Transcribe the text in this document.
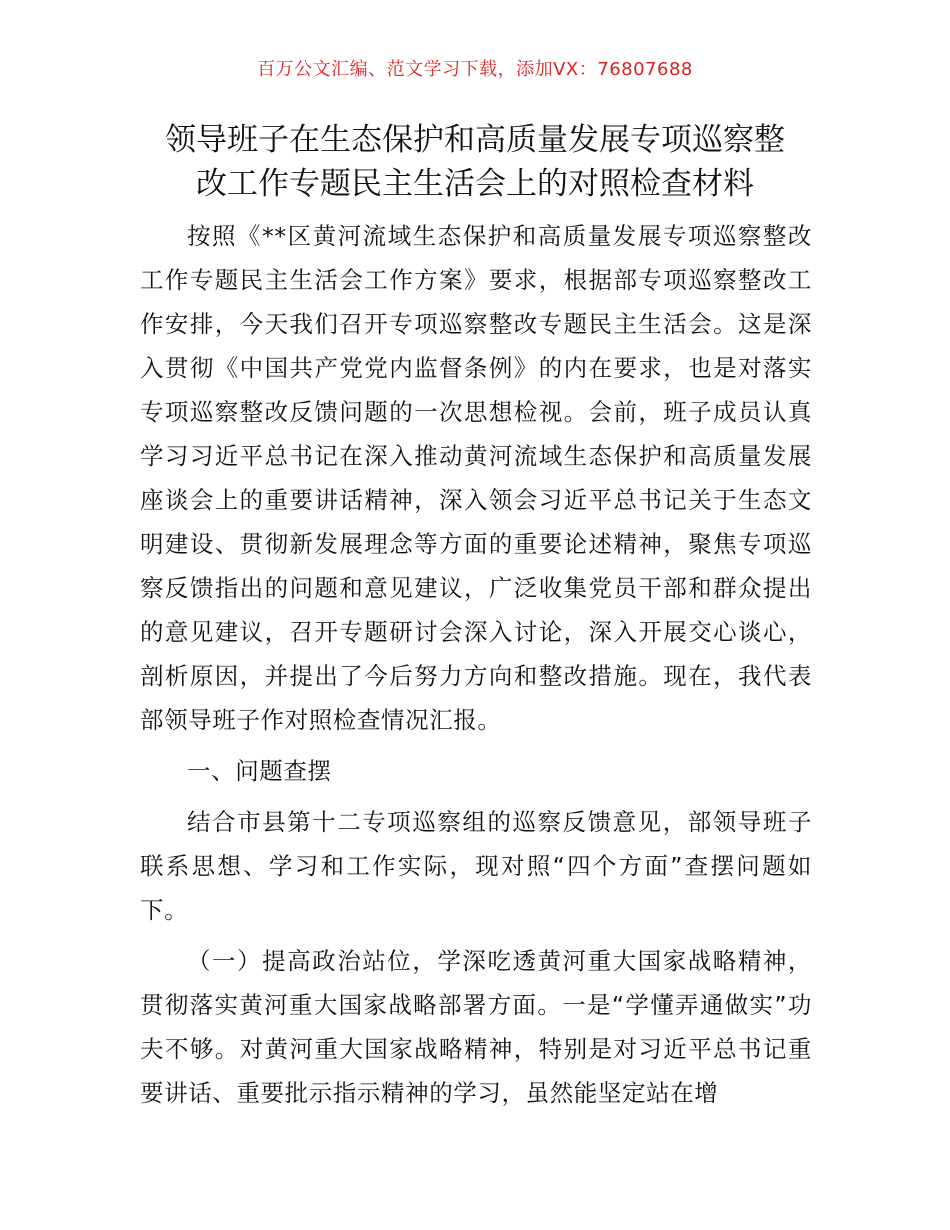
百万公文汇编、范文学习下载，添加VX：76807688
领导班子在生态保护和高质量发展专项巡察整
改工作专题民主生活会上的对照检查材料

按照《**区黄河流域生态保护和高质量发展专项巡察整改工作专题民主生活会工作方案》要求，根据部专项巡察整改工作安排，今天我们召开专项巡察整改专题民主生活会。这是深入贯彻《中国共产党党内监督条例》的内在要求，也是对落实专项巡察整改反馈问题的一次思想检视。会前，班子成员认真学习习近平总书记在深入推动黄河流域生态保护和高质量发展座谈会上的重要讲话精神，深入领会习近平总书记关于生态文明建设、贯彻新发展理念等方面的重要论述精神，聚焦专项巡察反馈指出的问题和意见建议，广泛收集党员干部和群众提出的意见建议，召开专题研讨会深入讨论，深入开展交心谈心，剖析原因，并提出了今后努力方向和整改措施。现在，我代表部领导班子作对照检查情况汇报。

一、问题查摆

结合市县第十二专项巡察组的巡察反馈意见，部领导班子联系思想、学习和工作实际，现对照“四个方面”查摆问题如下。

（一）提高政治站位，学深吃透黄河重大国家战略精神，贯彻落实黄河重大国家战略部署方面。一是“学懂弄通做实”功夫不够。对黄河重大国家战略精神，特别是对习近平总书记重要讲话、重要批示指示精神的学习，虽然能坚定站在增
